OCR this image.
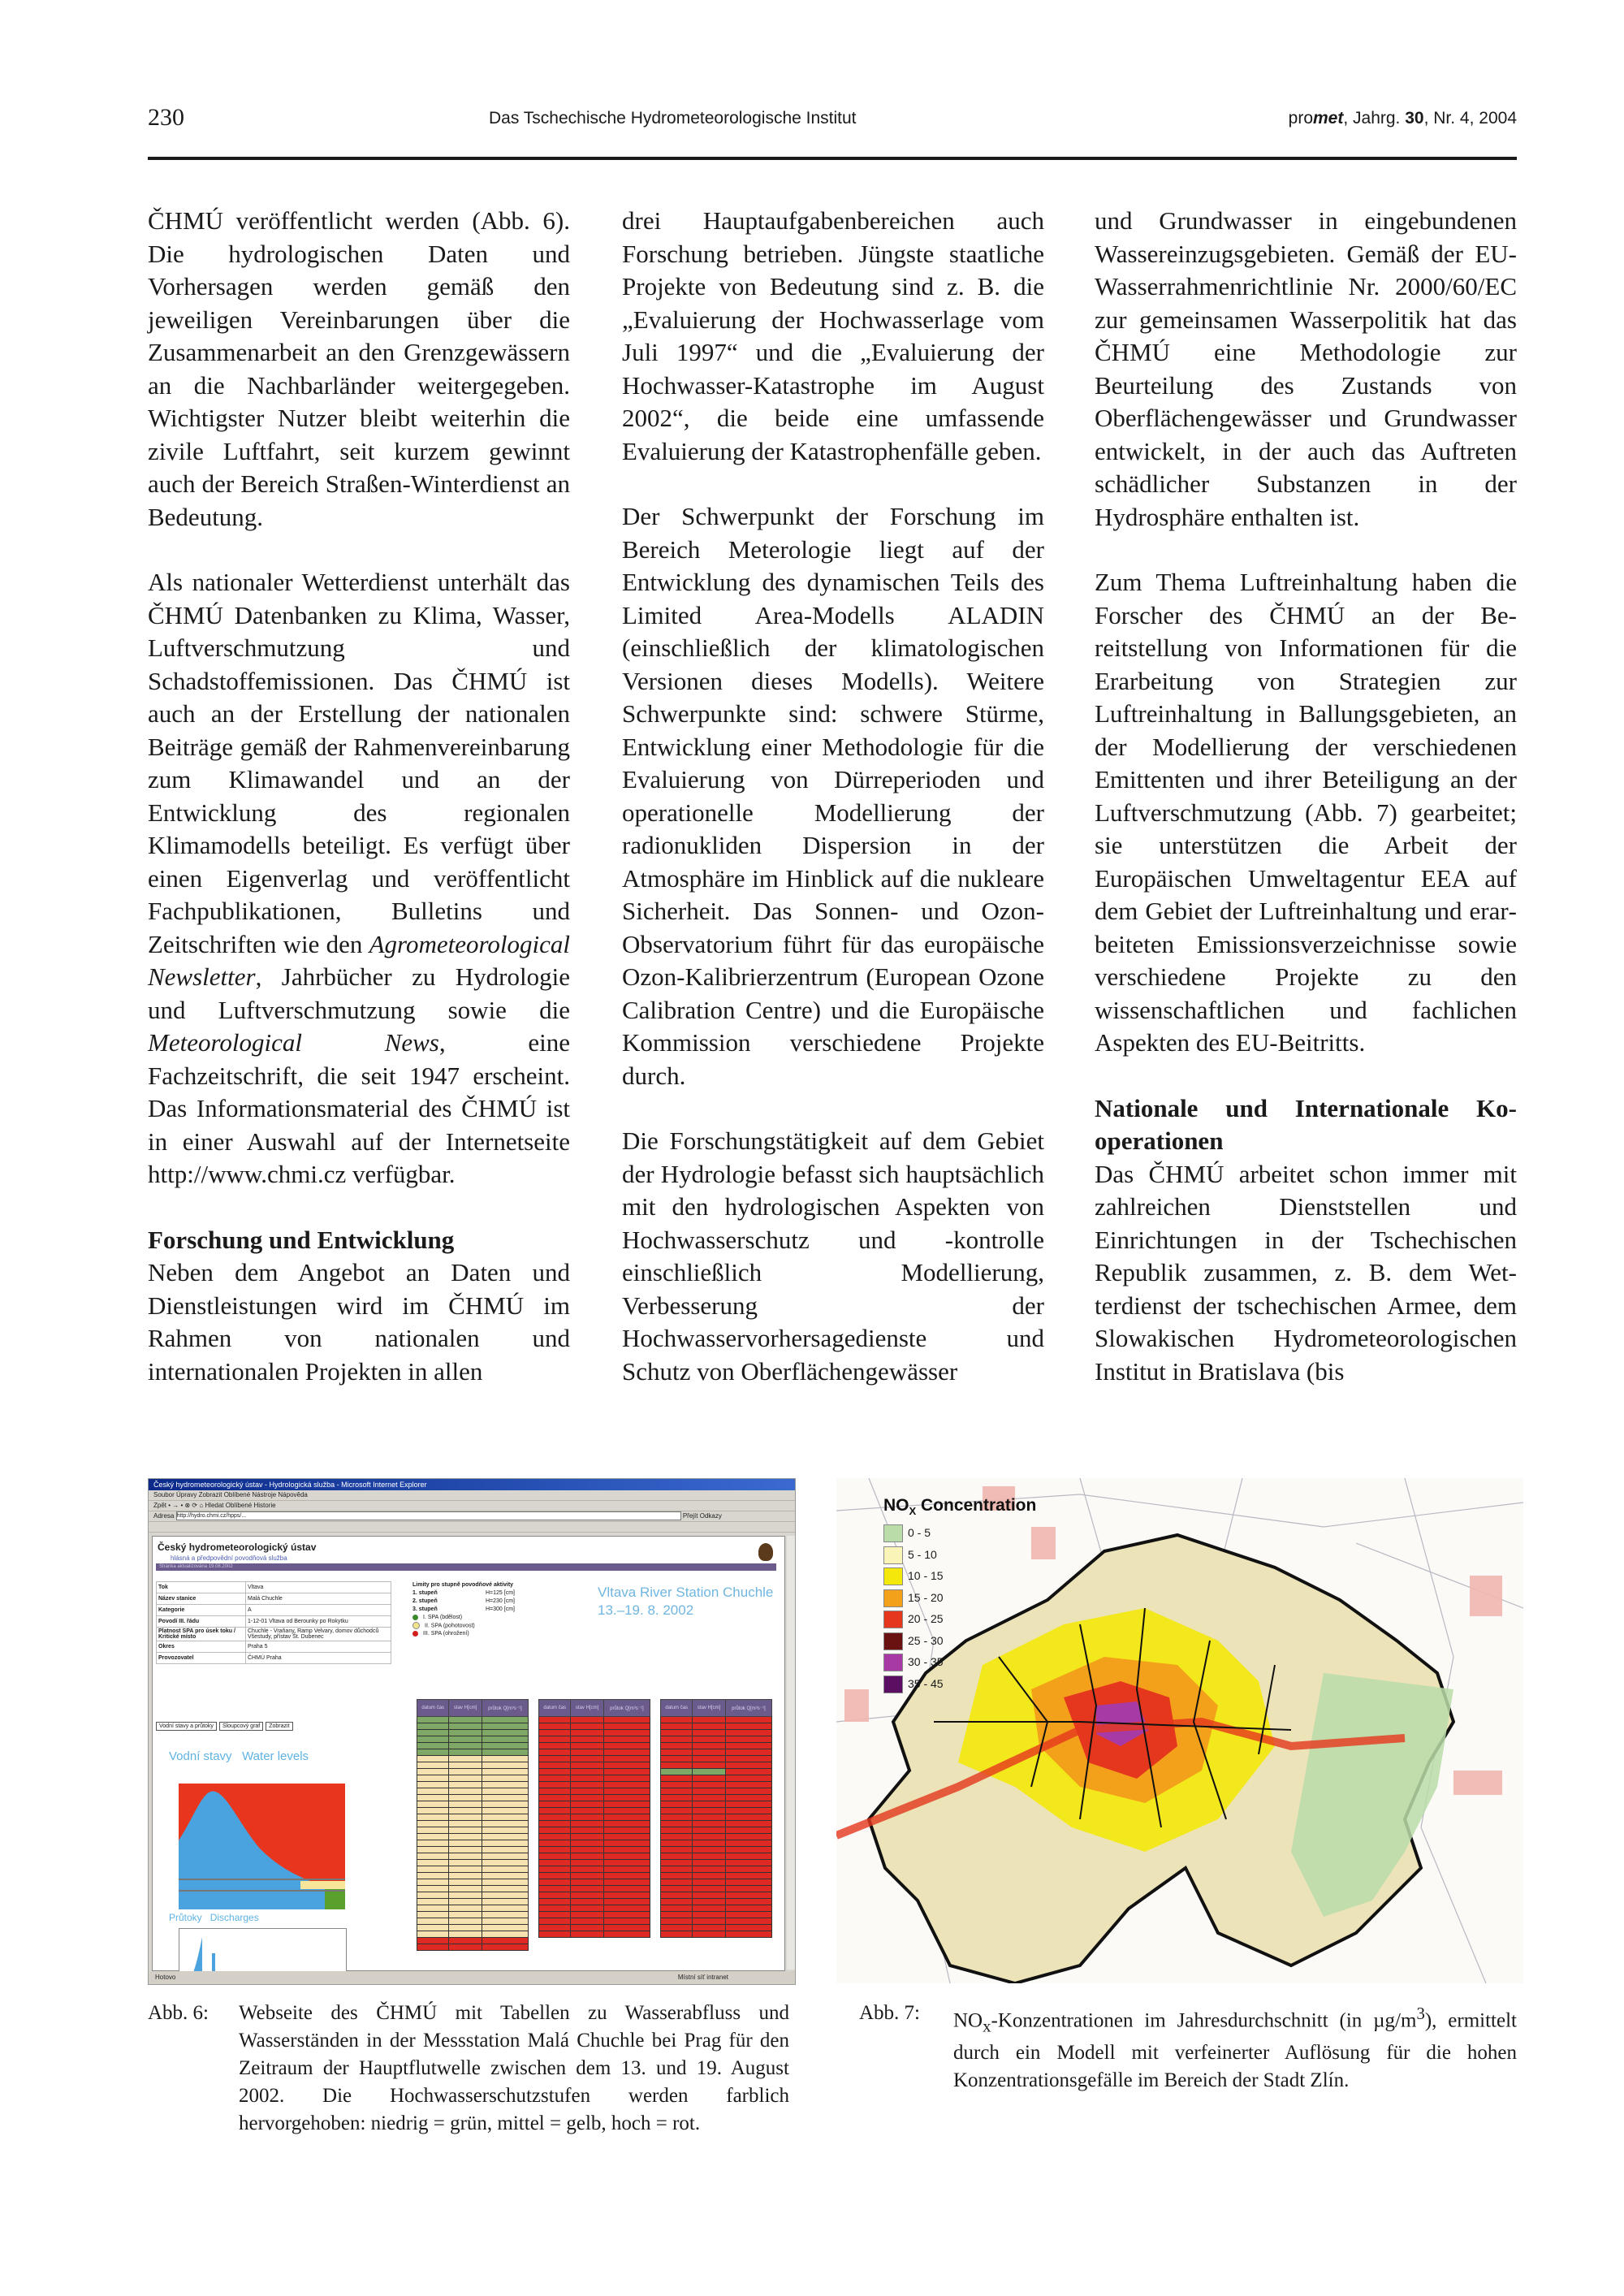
230	Das Tschechische Hydrometeorologische Institut	promet, Jahrg. 30, Nr. 4, 2004

ČHMÚ veröffentlicht werden (Abb. 6). Die hydrologischen Daten und Vorhersagen werden gemäß den jeweiligen Vereinbarungen über die Zusammenarbeit an den Grenzgewässern an die Nachbarländer weitergegeben. Wichtigster Nutzer bleibt weiterhin die zivile Luftfahrt, seit kurzem gewinnt auch der Bereich Straßen-Winterdienst an Bedeutung.

Als nationaler Wetterdienst unterhält das ČHMÚ Datenbanken zu Klima, Wasser, Luftverschmutzung und Schadstoffemissionen. Das ČHMÚ ist auch an der Erstellung der nationalen Beiträge gemäß der Rahmenvereinbarung zum Klimawandel und an der Entwicklung des regionalen Klimamodells beteiligt. Es verfügt über einen Eigenverlag und veröffentlicht Fachpublikationen, Bulletins und Zeitschriften wie den Agrometeorological Newsletter, Jahrbücher zu Hydrologie und Luftverschmutzung sowie die Meteorological News, eine Fachzeitschrift, die seit 1947 erscheint. Das Informationsmaterial des ČHMÚ ist in einer Auswahl auf der Internetseite http://www.chmi.cz verfügbar.

Forschung und Entwicklung

Neben dem Angebot an Daten und Dienstleistungen wird im ČHMÚ im Rahmen von nationalen und internationalen Projekten in allen

drei Hauptaufgabenbereichen auch Forschung betrieben. Jüngste staatliche Projekte von Bedeutung sind z. B. die „Evaluierung der Hochwasserlage vom Juli 1997“ und die „Evaluierung der Hochwasser-Katastrophe im August 2002“, die beide eine umfassende Evaluierung der Katastrophenfälle geben.

Der Schwerpunkt der Forschung im Bereich Meterologie liegt auf der Entwicklung des dynamischen Teils des Limited Area-Modells ALADIN (einschließlich der klimatologischen Versionen dieses Modells). Weitere Schwerpunkte sind: schwere Stürme, Entwicklung einer Methodologie für die Evaluierung von Dürreperioden und operationelle Modellierung der radionukliden Dispersion in der Atmosphäre im Hinblick auf die nukleare Sicherheit. Das Sonnen- und Ozon-Observatorium führt für das europäische Ozon-Kalibrierzentrum (European Ozone Calibration Centre) und die Europäische Kommission verschiedene Projekte durch.

Die Forschungstätigkeit auf dem Gebiet der Hydrologie befasst sich hauptsächlich mit den hydrologischen Aspekten von Hochwasserschutz und -kontrolle einschließlich Modellierung, Verbesserung der Hochwasservorhersagedienste und Schutz von Oberflächengewässer

und Grundwasser in eingebundenen Wassereinzugsgebieten. Gemäß der EU-Wasserrahmenrichtlinie Nr. 2000/60/EC zur gemeinsamen Wasserpolitik hat das ČHMÚ eine Methodologie zur Beurteilung des Zustands von Oberflächengewässer und Grundwasser entwickelt, in der auch das Auftreten schädlicher Substanzen in der Hydrosphäre enthalten ist.

Zum Thema Luftreinhaltung haben die Forscher des ČHMÚ an der Bereitstellung von Informationen für die Erarbeitung von Strategien zur Luftreinhaltung in Ballungsgebieten, an der Modellierung der verschiedenen Emittenten und ihrer Beteiligung an der Luftverschmutzung (Abb. 7) gearbeitet; sie unterstützen die Arbeit der Europäischen Umweltagentur EEA auf dem Gebiet der Luftreinhaltung und erarbeiteten Emissionsverzeichnisse sowie verschiedene Projekte zu den wissenschaftlichen und fachlichen Aspekten des EU-Beitritts.

Nationale und Internationale Kooperationen

Das ČHMÚ arbeitet schon immer mit zahlreichen Dienststellen und Einrichtungen in der Tschechischen Republik zusammen, z. B. dem Wetterdienst der tschechischen Armee, dem Slowakischen Hydrometeorologischen Institut in Bratislava (bis

Český hydrometeorologický ústav - Hydrologická služba - Microsoft Internet Explorer
Soubor Úpravy Zobrazit Oblíbené Nástroje Nápověda
Zpět • → • ⊗ ⟳ ⌂ Hledat Oblíbené Historie
Adresa http://hydro.chmi.cz/hpps/...	Přejít Odkazy
Český hydrometeorologický ústav
hlásná a předpovědní povodňová služba
Stránka aktualizována 19.08.2002
Tok	Vltava
Název stanice	Malá Chuchle
Kategorie	A
Povodí III. řádu	1-12-01 Vltava od Berounky po Rokytku
Platnost SPA pro úsek toku / Kritické místo	Chuchle - Vraňany, Ramp Velvary, domov důchodců Všestudy, přístav Št. Dubenec
Okres	Praha 5
Provozovatel	ČHMÚ Praha
Limity pro stupně povodňové aktivity
1. stupeň	H=125 [cm]
2. stupeň	H=230 [cm]
3. stupeň	H=300 [cm]
I. SPA (bdělost)
II. SPA (pohotovost)
III. SPA (ohrožení)
Vltava River Station Chuchle
13.–19. 8. 2002
Vodní stavy a průtoky Sloupcový graf Zobrazit
Vodní stavy Water levels
Průtoky Discharges
datum čas	stav H[cm]	průtok Q[m³s⁻¹]

			datum čas	stav H[cm]	průtok Q[m³s⁻¹]

			datum čas	stav H[cm]	průtok Q[m³s⁻¹]

Hotovo	Místní síť intranet
$NO_X$ Concentration
0 - 5
5 - 10
10 - 15
15 - 20
20 - 25
25 - 30
30 - 35
35 - 45
Abb. 6: Webseite des ČHMÚ mit Tabellen zu Wasserabfluss und Wasserständen in der Messstation Malá Chuchle bei Prag für den Zeitraum der Hauptflutwelle zwischen dem 13. und 19. August 2002. Die Hochwasserschutzstufen werden farblich hervorgehoben: niedrig = grün, mittel = gelb, hoch = rot.
Abb. 7: $NO_x$-Konzentrationen im Jahresdurchschnitt (in $\mu g/m^3$), ermittelt durch ein Modell mit verfeinerter Auflösung für die hohen Konzentrationsgefälle im Bereich der Stadt Zlín.
